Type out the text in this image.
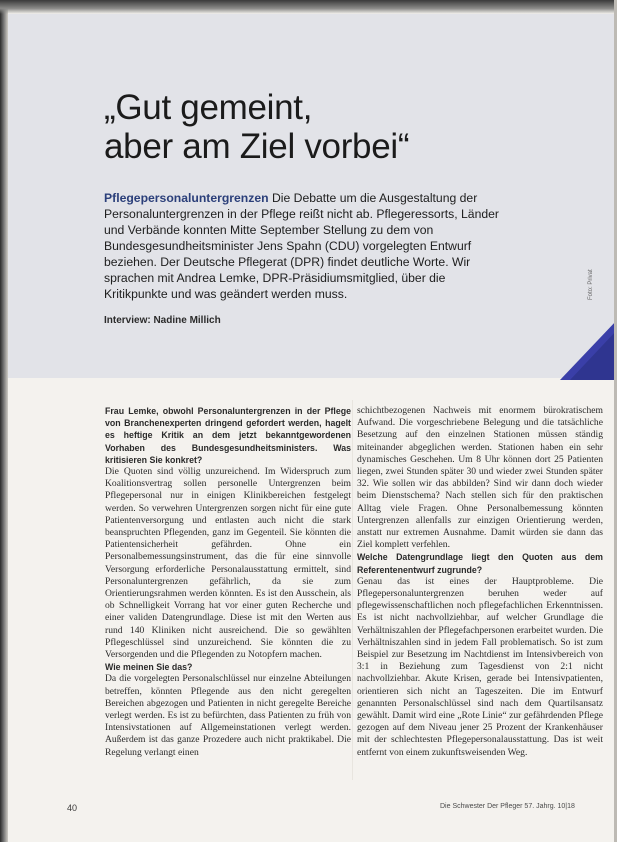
„Gut gemeint,
aber am Ziel vorbei“

Pflegepersonaluntergrenzen Die Debatte um die Ausgestaltung der Personaluntergrenzen in der Pflege reißt nicht ab. Pflegeressorts, Länder und Verbände konnten Mitte September Stellung zu dem von Bundesgesundheitsminister Jens Spahn (CDU) vorgelegten Entwurf beziehen. Der Deutsche Pflegerat (DPR) findet deutliche Worte. Wir sprachen mit Andrea Lemke, DPR-Präsidiumsmitglied, über die Kritikpunkte und was geändert werden muss.

Interview: Nadine Millich
Foto: Privat

Frau Lemke, obwohl Personaluntergrenzen in der Pflege von Branchenexperten dringend gefordert werden, hagelt es heftige Kritik an dem jetzt bekanntgewordenen Vorhaben des Bundesgesundheitsministers. Was kritisieren Sie konkret?

Die Quoten sind völlig unzureichend. Im Widerspruch zum Koalitionsvertrag sollen personelle Untergrenzen beim Pflegepersonal nur in einigen Klinikbereichen festgelegt werden. So verwehren Untergrenzen sorgen nicht für eine gute Patientenversorgung und entlasten auch nicht die stark beanspruchten Pflegenden, ganz im Gegenteil. Sie könnten die Patientensicherheit gefährden. Ohne ein Personalbemessungsinstrument, das die für eine sinnvolle Versorgung erforderliche Personalausstattung ermittelt, sind Personaluntergrenzen gefährlich, da sie zum Orientierungsrahmen werden könnten. Es ist den Ausschein, als ob Schnelligkeit Vorrang hat vor einer guten Recherche und einer validen Datengrundlage. Diese ist mit den Werten aus rund 140 Kliniken nicht ausreichend. Die so gewählten Pflegeschlüssel sind unzureichend. Sie könnten die zu Versorgenden und die Pflegenden zu Notopfern machen.

Wie meinen Sie das?

Da die vorgelegten Personalschlüssel nur einzelne Abteilungen betreffen, könnten Pflegende aus den nicht geregelten Bereichen abgezogen und Patienten in nicht geregelte Bereiche verlegt werden. Es ist zu befürchten, dass Patienten zu früh von Intensivstationen auf Allgemeinstationen verlegt werden. Außerdem ist das ganze Prozedere auch nicht praktikabel. Die Regelung verlangt einen

schichtbezogenen Nachweis mit enormem bürokratischem Aufwand. Die vorgeschriebene Belegung und die tatsächliche Besetzung auf den einzelnen Stationen müssen ständig miteinander abgeglichen werden. Stationen haben ein sehr dynamisches Geschehen. Um 8 Uhr können dort 25 Patienten liegen, zwei Stunden später 30 und wieder zwei Stunden später 32. Wie sollen wir das abbilden? Sind wir dann doch wieder beim Dienstschema? Nach stellen sich für den praktischen Alltag viele Fragen. Ohne Personalbemessung könnten Untergrenzen allenfalls zur einzigen Orientierung werden, anstatt nur extremen Ausnahme. Damit würden sie dann das Ziel komplett verfehlen.

Welche Datengrundlage liegt den Quoten aus dem Referentenentwurf zugrunde?

Genau das ist eines der Hauptprobleme. Die Pflegepersonaluntergrenzen beruhen weder auf pflegewissenschaftlichen noch pflegefachlichen Erkenntnissen. Es ist nicht nachvollziehbar, auf welcher Grundlage die Verhältniszahlen der Pflegefachpersonen erarbeitet wurden. Die Verhältniszahlen sind in jedem Fall problematisch. So ist zum Beispiel zur Besetzung im Nachtdienst im Intensivbereich von 3:1 in Beziehung zum Tagesdienst von 2:1 nicht nachvollziehbar. Akute Krisen, gerade bei Intensivpatienten, orientieren sich nicht an Tageszeiten. Die im Entwurf genannten Personalschlüssel sind nach dem Quartilsansatz gewählt. Damit wird eine „Rote Linie“ zur gefährdenden Pflege gezogen auf dem Niveau jener 25 Prozent der Krankenhäuser mit der schlechtesten Pflegepersonalausstattung. Das ist weit entfernt von einem zukunftsweisenden Weg.

40	Die Schwester Der Pfleger 57. Jahrg. 10|18
